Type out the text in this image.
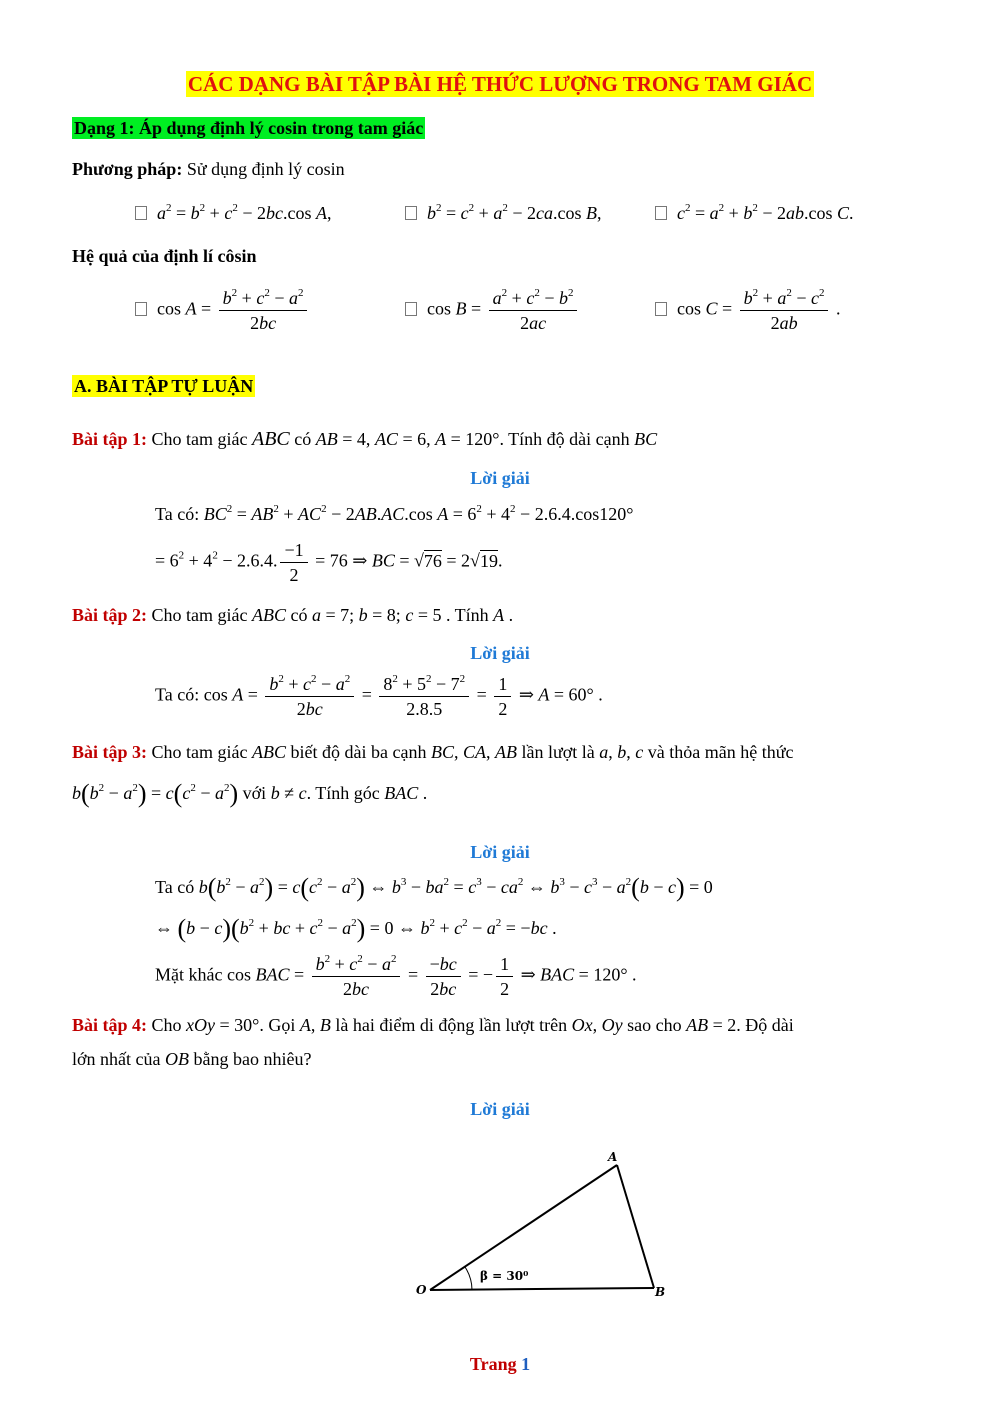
CÁC DẠNG BÀI TẬP BÀI HỆ THỨC LƯỢNG TRONG TAM GIÁC
Dạng 1: Áp dụng định lý cosin trong tam giác
Phương pháp: Sử dụng định lý cosin
$a^2 = b^2 + c^2 - 2bc.\cos$ A,	$b^2 = c^2 + a^2 - 2ca.\cos$ B,	$c^2 = a^2 + b^2 - 2ab.\cos$ C.
Hệ quả của định lí côsin
$\cos A = \frac{b^2 + c^2 - a^2}{2bc}$	$\cos B = \frac{a^2 + c^2 - b^2}{2ac}$	$\cos C = \frac{b^2 + a^2 - c^2}{2ab}$ .
A. BÀI TẬP TỰ LUẬN
Bài tập 1: Cho tam giác ABC có AB = 4, AC = 6, A = 120°. Tính độ dài cạnh BC
Lời giải
Ta có: $BC^2 = AB^2 + AC^2 - 2AB.AC.\cos$ $A = 6^2 + 4^2 - 2.6.4.\cos 120^\circ$
= $6^2 + 4^2 - 2.6.4$. $\frac{-1}{2} = 76$ ⇒ BC = √76 = 2√19.
Bài tập 2: Cho tam giác ABC có a = 7; b = 8; c = 5 . Tính A .
Lời giải
Ta có: $\cos A = \frac{b^2 + c^2 - a^2}{2bc} = \frac{8^2 + 5^2 - 7^2}{2.8.5} = \frac{1}{2}$ ⇒ A = 60° .
Bài tập 3: Cho tam giác ABC biết độ dài ba cạnh BC, CA, AB lần lượt là a, b, c và thỏa mãn hệ thức
$b(b^2 - a^2) = c(c^2 - a^2)$ với b ≠ c. Tính góc BAC .
Lời giải
Ta có $b(b^2 - a^2) = c(c^2 - a^2)$ ⇔ $b^3 - ba^2 = c^3 - ca^2$ ⇔ $b^3 - c^3 - a^2(b - c) = 0$
⇔ $(b - c)(b^2$ + bc + $c^2 - a^2) = 0$ ⇔ $b^2 + c^2 - a^2 = -bc$ .
Mặt khác cos BAC = $\frac{b^2 + c^2 - a^2}{2bc} = \frac{-bc}{2bc}$ = − $\frac{1}{2}$ ⇒ BAC = 120° .
Bài tập 4: Cho xOy = 30°. Gọi A, B là hai điểm di động lần lượt trên Ox, Oy sao cho AB = 2. Độ dài
lớn nhất của OB bằng bao nhiêu?
Lời giải
A
B
O
β = 30⁰
Trang 1
